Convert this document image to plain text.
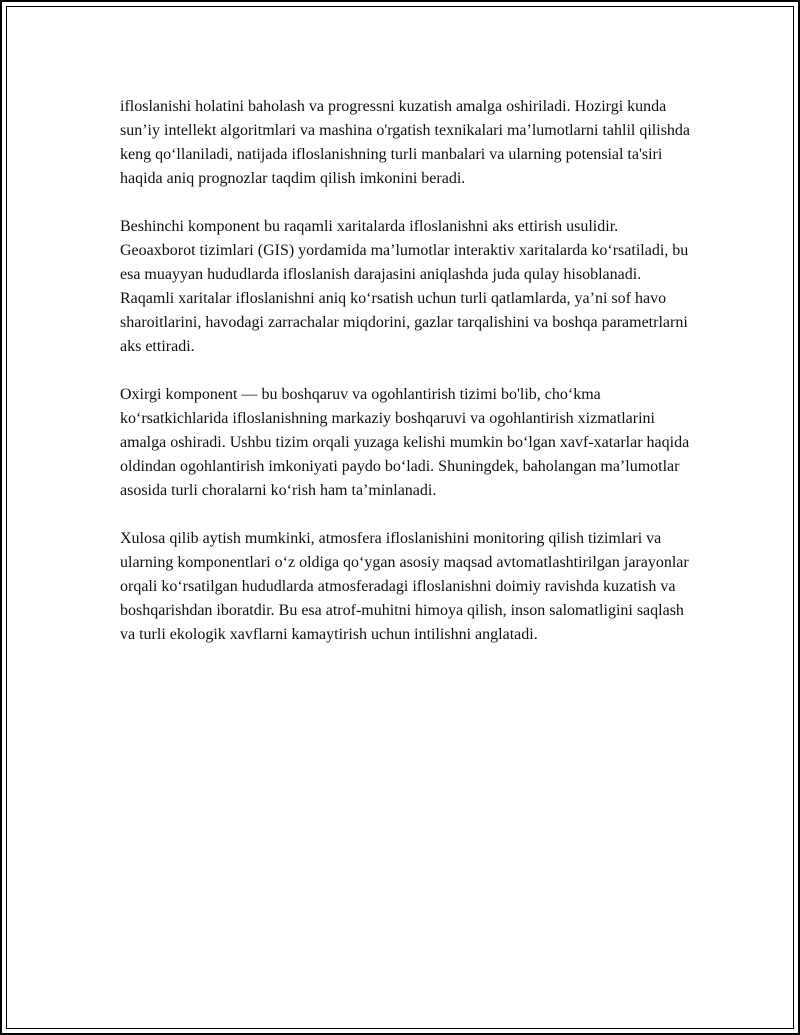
ifloslanishi holatini baholash va progressni kuzatish amalga oshiriladi. Hozirgi kunda sun’iy intellekt algoritmlari va mashina o'rgatish texnikalari ma’lumotlarni tahlil qilishda keng qo‘llaniladi, natijada ifloslanishning turli manbalari va ularning potensial ta'siri haqida aniq prognozlar taqdim qilish imkonini beradi.

Beshinchi komponent bu raqamli xaritalarda ifloslanishni aks ettirish usulidir. Geoaxborot tizimlari (GIS) yordamida ma’lumotlar interaktiv xaritalarda ko‘rsatiladi, bu esa muayyan hududlarda ifloslanish darajasini aniqlashda juda qulay hisoblanadi. Raqamli xaritalar ifloslanishni aniq ko‘rsatish uchun turli qatlamlarda, ya’ni sof havo sharoitlarini, havodagi zarrachalar miqdorini, gazlar tarqalishini va boshqa parametrlarni aks ettiradi.

Oxirgi komponent — bu boshqaruv va ogohlantirish tizimi bo'lib, cho‘kma ko‘rsatkichlarida ifloslanishning markaziy boshqaruvi va ogohlantirish xizmatlarini amalga oshiradi. Ushbu tizim orqali yuzaga kelishi mumkin bo‘lgan xavf-xatarlar haqida oldindan ogohlantirish imkoniyati paydo bo‘ladi. Shuningdek, baholangan ma’lumotlar asosida turli choralarni ko‘rish ham ta’minlanadi.

Xulosa qilib aytish mumkinki, atmosfera ifloslanishini monitoring qilish tizimlari va ularning komponentlari o‘z oldiga qo‘ygan asosiy maqsad avtomatlashtirilgan jarayonlar orqali ko‘rsatilgan hududlarda atmosferadagi ifloslanishni doimiy ravishda kuzatish va boshqarishdan iboratdir. Bu esa atrof-muhitni himoya qilish, inson salomatligini saqlash va turli ekologik xavflarni kamaytirish uchun intilishni anglatadi.
